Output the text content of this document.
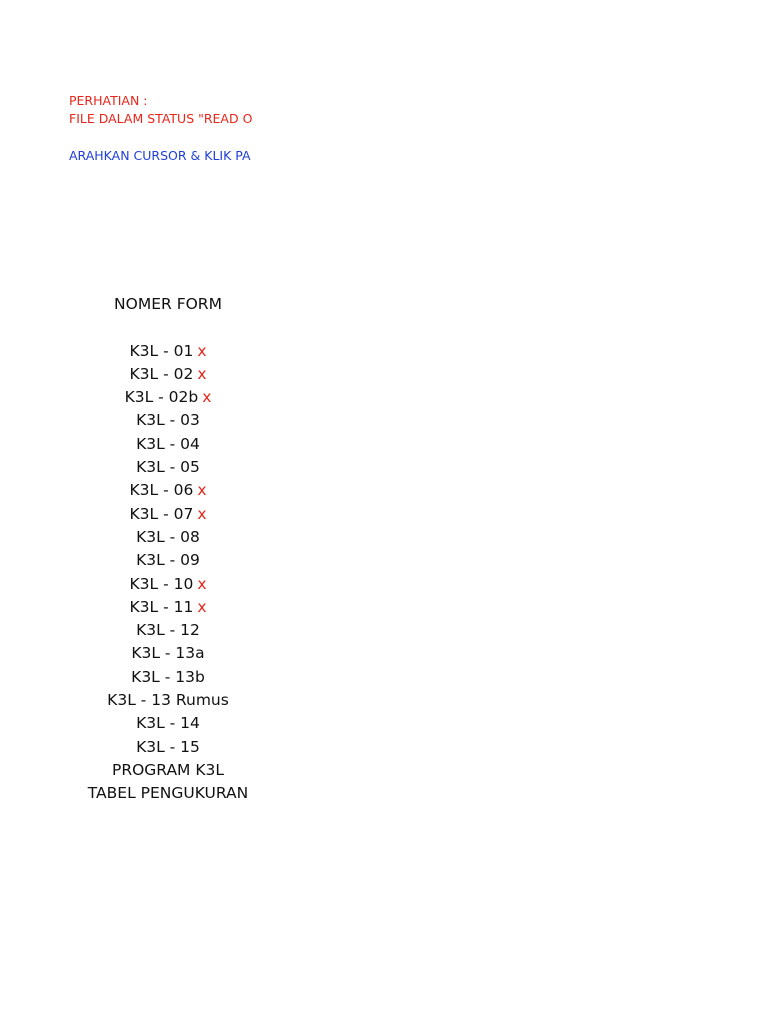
PERHATIAN :
FILE DALAM STATUS "READ O
ARAHKAN CURSOR & KLIK PA
NOMER FORM
K3L - 01 x
K3L - 02 x
K3L - 02b x
K3L - 03
K3L - 04
K3L - 05
K3L - 06 x
K3L - 07 x
K3L - 08
K3L - 09
K3L - 10 x
K3L - 11 x
K3L - 12
K3L - 13a
K3L - 13b
K3L - 13 Rumus
K3L - 14
K3L - 15
PROGRAM K3L
TABEL PENGUKURAN
